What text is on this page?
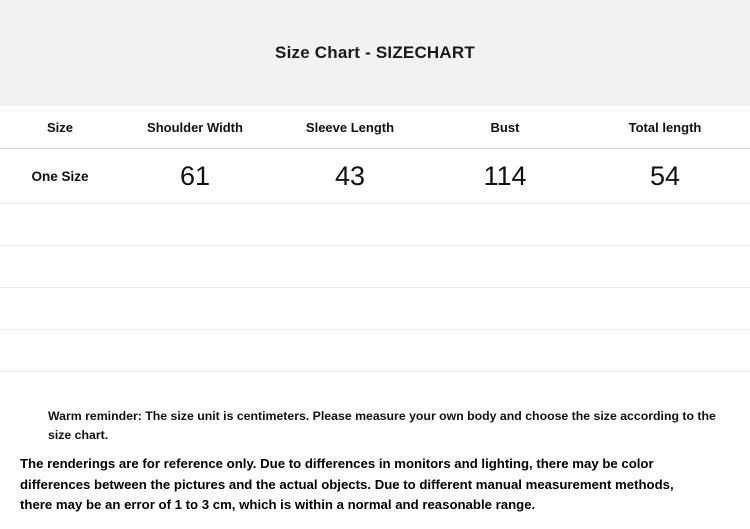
Size Chart - SIZECHART
Size	Shoulder Width	Sleeve Length	Bust	Total length
One Size	61	43	114	54

Warm reminder: The size unit is centimeters. Please measure your own body and choose the size according to the size chart.

The renderings are for reference only. Due to differences in monitors and lighting, there may be color differences between the pictures and the actual objects. Due to different manual measurement methods, there may be an error of 1 to 3 cm, which is within a normal and reasonable range.
